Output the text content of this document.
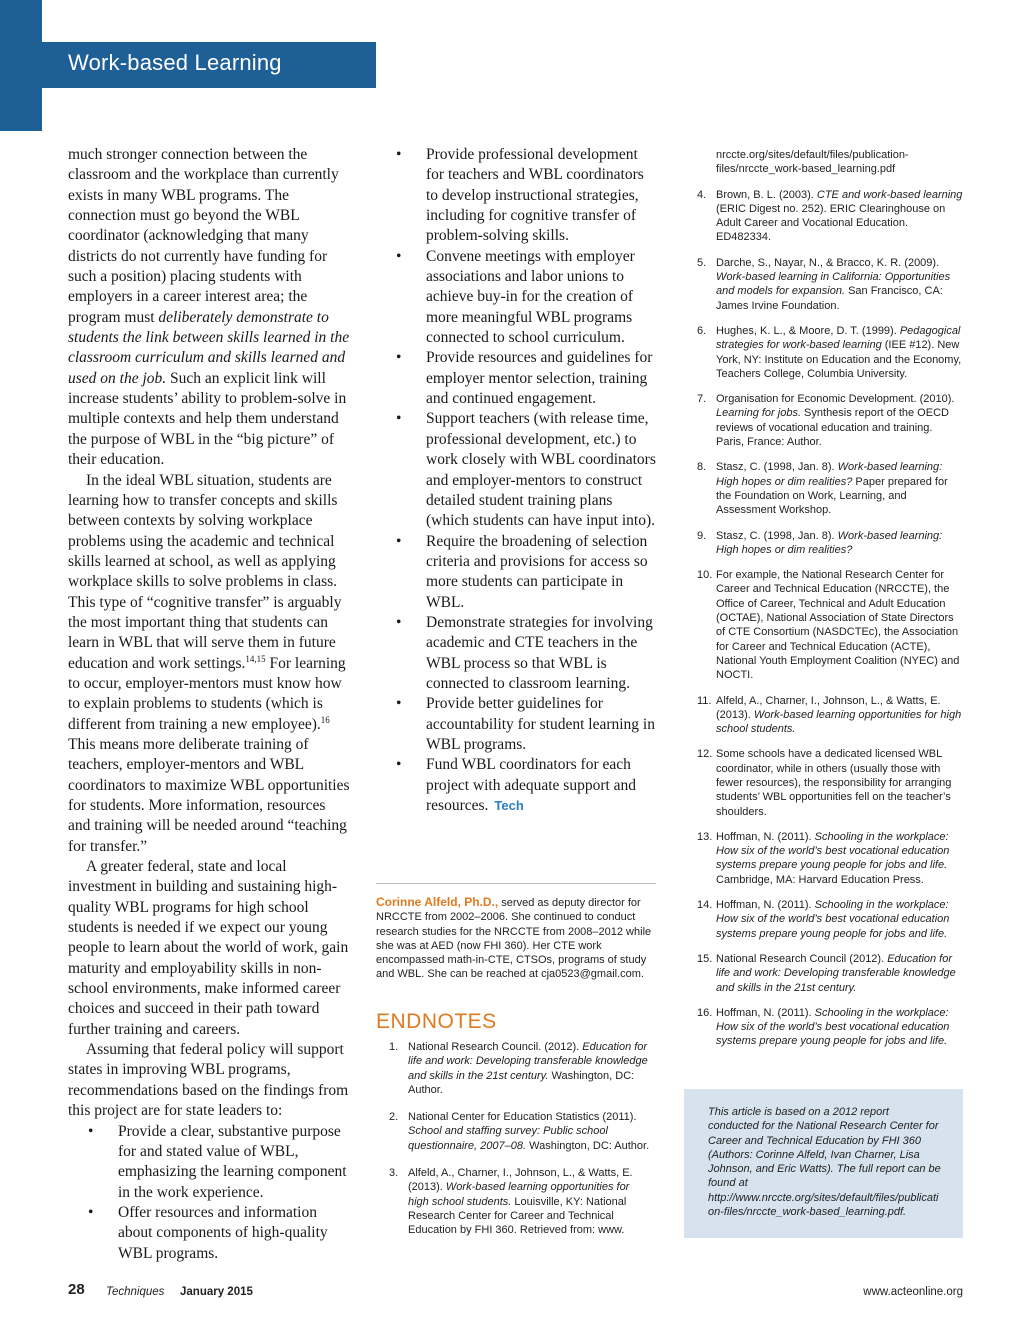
Work-based Learning

much stronger connection between the classroom and the workplace than currently exists in many WBL programs. The connection must go beyond the WBL coordinator (acknowledging that many districts do not currently have funding for such a position) placing students with employers in a career interest area; the program must deliberately demonstrate to students the link between skills learned in the classroom curriculum and skills learned and used on the job. Such an explicit link will increase students’ ability to problem-solve in multiple contexts and help them understand the purpose of WBL in the “big picture” of their education.

In the ideal WBL situation, students are learning how to transfer concepts and skills between contexts by solving workplace problems using the academic and technical skills learned at school, as well as applying workplace skills to solve problems in class. This type of “cognitive transfer” is arguably the most important thing that students can learn in WBL that will serve them in future education and work settings.$^{14,15}$ For learning to occur, employer-mentors must know how to explain problems to students (which is different from training a new employee).$^{16}$ This means more deliberate training of teachers, employer-mentors and WBL coordinators to maximize WBL opportunities for students. More information, resources and training will be needed around “teaching for transfer.”

A greater federal, state and local investment in building and sustaining high-quality WBL programs for high school students is needed if we expect our young people to learn about the world of work, gain maturity and employability skills in non-school environments, make informed career choices and succeed in their path toward further training and careers.

Assuming that federal policy will support states in improving WBL programs, recommendations based on the findings from this project are for state leaders to:

• Provide a clear, substantive purpose for and stated value of WBL, emphasizing the learning component in the work experience.
• Offer resources and information about components of high-quality WBL programs.
• Provide professional development for teachers and WBL coordinators to develop instructional strategies, including for cognitive transfer of problem-solving skills.
• Convene meetings with employer associations and labor unions to achieve buy-in for the creation of more meaningful WBL programs connected to school curriculum.
• Provide resources and guidelines for employer mentor selection, training and continued engagement.
• Support teachers (with release time, professional development, etc.) to work closely with WBL coordinators and employer-mentors to construct detailed student training plans (which students can have input into).
• Require the broadening of selection criteria and provisions for access so more students can participate in WBL.
• Demonstrate strategies for involving academic and CTE teachers in the WBL process so that WBL is connected to classroom learning.
• Provide better guidelines for accountability for student learning in WBL programs.
• Fund WBL coordinators for each project with adequate support and resources. Tech
Corinne Alfeld, Ph.D., served as deputy director for NRCCTE from 2002–2006. She continued to conduct research studies for the NRCCTE from 2008–2012 while she was at AED (now FHI 360). Her CTE work encompassed math-in-CTE, CTSOs, programs of study and WBL. She can be reached at cja0523@gmail.com.
ENDNOTES
1. National Research Council. (2012). Education for life and work: Developing transferable knowledge and skills in the 21st century. Washington, DC: Author.
2. National Center for Education Statistics (2011). School and staffing survey: Public school questionnaire, 2007–08. Washington, DC: Author.
3. Alfeld, A., Charner, I., Johnson, L., & Watts, E. (2013). Work-based learning opportunities for high school students. Louisville, KY: National Research Center for Career and Technical Education by FHI 360. Retrieved from: www.
nrccte.org/sites/default/files/publication-files/nrccte_work-based_learning.pdf
4. Brown, B. L. (2003). CTE and work-based learning (ERIC Digest no. 252). ERIC Clearinghouse on Adult Career and Vocational Education. ED482334.
5. Darche, S., Nayar, N., & Bracco, K. R. (2009). Work-based learning in California: Opportunities and models for expansion. San Francisco, CA: James Irvine Foundation.
6. Hughes, K. L., & Moore, D. T. (1999). Pedagogical strategies for work-based learning (IEE #12). New York, NY: Institute on Education and the Economy, Teachers College, Columbia University.
7. Organisation for Economic Development. (2010). Learning for jobs. Synthesis report of the OECD reviews of vocational education and training. Paris, France: Author.
8. Stasz, C. (1998, Jan. 8). Work-based learning: High hopes or dim realities? Paper prepared for the Foundation on Work, Learning, and Assessment Workshop.
9. Stasz, C. (1998, Jan. 8). Work-based learning: High hopes or dim realities?
10. For example, the National Research Center for Career and Technical Education (NRCCTE), the Office of Career, Technical and Adult Education (OCTAE), National Association of State Directors of CTE Consortium (NASDCTEc), the Association for Career and Technical Education (ACTE), National Youth Employment Coalition (NYEC) and NOCTI.
11. Alfeld, A., Charner, I., Johnson, L., & Watts, E. (2013). Work-based learning opportunities for high school students.
12. Some schools have a dedicated licensed WBL coordinator, while in others (usually those with fewer resources), the responsibility for arranging students’ WBL opportunities fell on the teacher’s shoulders.
13. Hoffman, N. (2011). Schooling in the workplace: How six of the world’s best vocational education systems prepare young people for jobs and life. Cambridge, MA: Harvard Education Press.
14. Hoffman, N. (2011). Schooling in the workplace: How six of the world’s best vocational education systems prepare young people for jobs and life.
15. National Research Council (2012). Education for life and work: Developing transferable knowledge and skills in the 21st century.
16. Hoffman, N. (2011). Schooling in the workplace: How six of the world’s best vocational education systems prepare young people for jobs and life.
This article is based on a 2012 report conducted for the National Research Center for Career and Technical Education by FHI 360 (Authors: Corinne Alfeld, Ivan Charner, Lisa Johnson, and Eric Watts). The full report can be found at http://www.nrccte.org/sites/default/files/publication-files/nrccte_work-based_learning.pdf.
28 Techniques January 2015	www.acteonline.org
